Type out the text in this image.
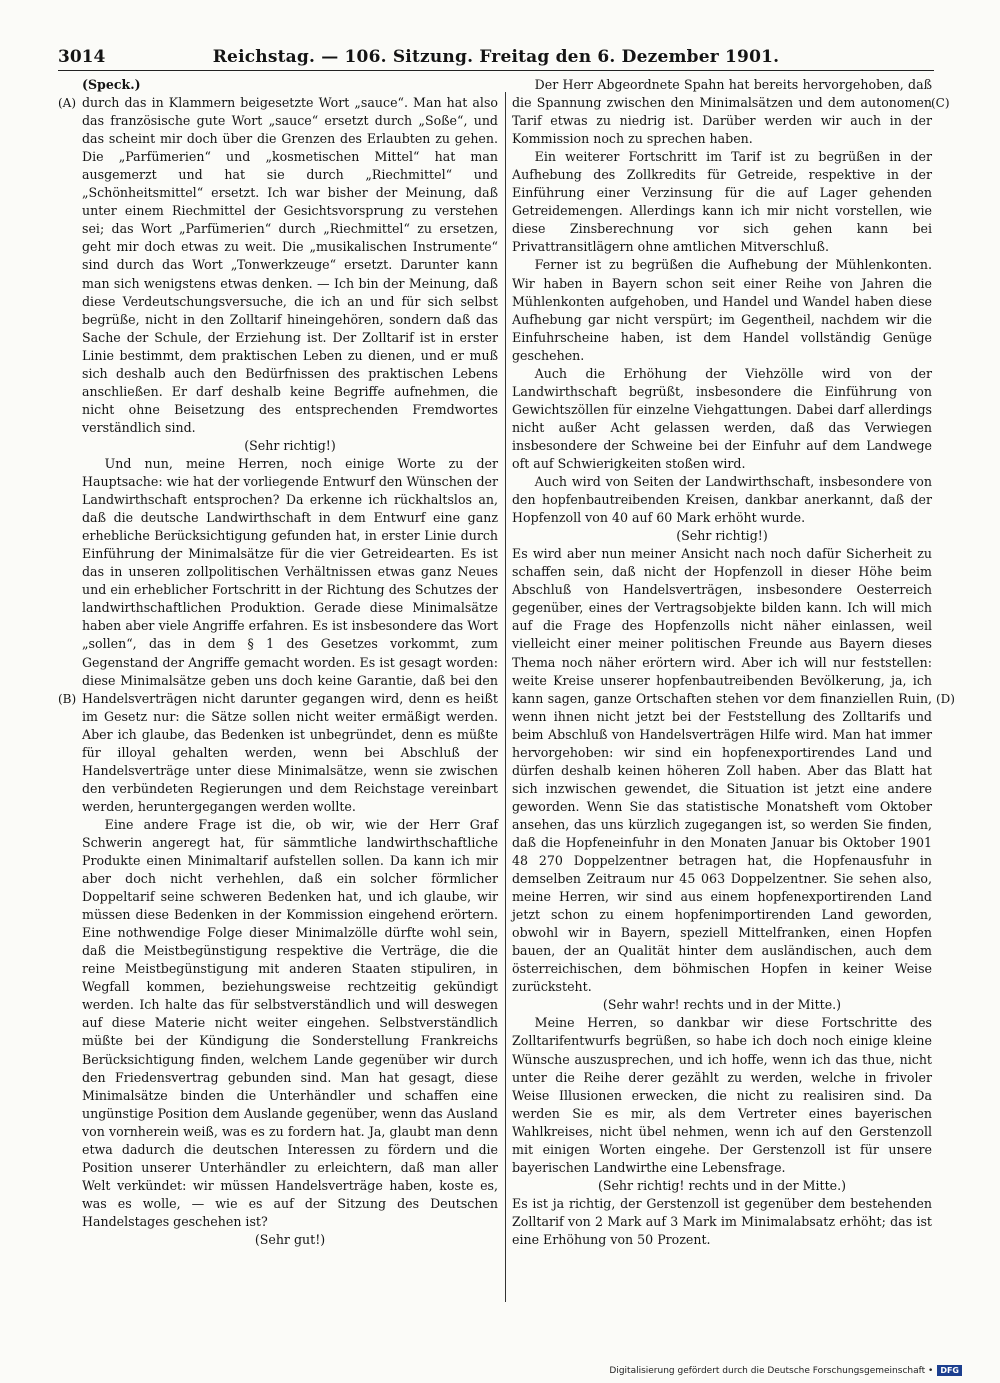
3014	Reichstag. — 106. Sitzung. Freitag den 6. Dezember 1901.
(A)
(B)
(C)
(D)

(Speck.)

durch das in Klammern beigesetzte Wort „sauce“. Man hat also das französische gute Wort „sauce“ ersetzt durch „Soße“, und das scheint mir doch über die Grenzen des Erlaubten zu gehen. Die „Parfümerien“ und „kosmetischen Mittel“ hat man ausgemerzt und hat sie durch „Riechmittel“ und „Schönheitsmittel“ ersetzt. Ich war bisher der Meinung, daß unter einem Riechmittel der Gesichtsvorsprung zu verstehen sei; das Wort „Parfümerien“ durch „Riechmittel“ zu ersetzen, geht mir doch etwas zu weit. Die „musikalischen Instrumente“ sind durch das Wort „Tonwerkzeuge“ ersetzt. Darunter kann man sich wenigstens etwas denken. — Ich bin der Meinung, daß diese Verdeutschungsversuche, die ich an und für sich selbst begrüße, nicht in den Zolltarif hineingehören, sondern daß das Sache der Schule, der Erziehung ist. Der Zolltarif ist in erster Linie bestimmt, dem praktischen Leben zu dienen, und er muß sich deshalb auch den Bedürfnissen des praktischen Lebens anschließen. Er darf deshalb keine Begriffe aufnehmen, die nicht ohne Beisetzung des entsprechenden Fremdwortes verständlich sind.

(Sehr richtig!)

Und nun, meine Herren, noch einige Worte zu der Hauptsache: wie hat der vorliegende Entwurf den Wünschen der Landwirthschaft entsprochen? Da erkenne ich rückhaltslos an, daß die deutsche Landwirthschaft in dem Entwurf eine ganz erhebliche Berücksichtigung gefunden hat, in erster Linie durch Einführung der Minimalsätze für die vier Getreidearten. Es ist das in unseren zollpolitischen Verhältnissen etwas ganz Neues und ein erheblicher Fortschritt in der Richtung des Schutzes der landwirthschaftlichen Produktion. Gerade diese Minimalsätze haben aber viele Angriffe erfahren. Es ist insbesondere das Wort „sollen“, das in dem § 1 des Gesetzes vorkommt, zum Gegenstand der Angriffe gemacht worden. Es ist gesagt worden: diese Minimalsätze geben uns doch keine Garantie, daß bei den Handelsverträgen nicht darunter gegangen wird, denn es heißt im Gesetz nur: die Sätze sollen nicht weiter ermäßigt werden. Aber ich glaube, das Bedenken ist unbegründet, denn es müßte für illoyal gehalten werden, wenn bei Abschluß der Handelsverträge unter diese Minimalsätze, wenn sie zwischen den verbündeten Regierungen und dem Reichstage vereinbart werden, heruntergegangen werden wollte.

Eine andere Frage ist die, ob wir, wie der Herr Graf Schwerin angeregt hat, für sämmtliche landwirthschaftliche Produkte einen Minimaltarif aufstellen sollen. Da kann ich mir aber doch nicht verhehlen, daß ein solcher förmlicher Doppeltarif seine schweren Bedenken hat, und ich glaube, wir müssen diese Bedenken in der Kommission eingehend erörtern. Eine nothwendige Folge dieser Minimalzölle dürfte wohl sein, daß die Meistbegünstigung respektive die Verträge, die die reine Meistbegünstigung mit anderen Staaten stipuliren, in Wegfall kommen, beziehungsweise rechtzeitig gekündigt werden. Ich halte das für selbstverständlich und will deswegen auf diese Materie nicht weiter eingehen. Selbstverständlich müßte bei der Kündigung die Sonderstellung Frankreichs Berücksichtigung finden, welchem Lande gegenüber wir durch den Friedensvertrag gebunden sind. Man hat gesagt, diese Minimalsätze binden die Unterhändler und schaffen eine ungünstige Position dem Auslande gegenüber, wenn das Ausland von vornherein weiß, was es zu fordern hat. Ja, glaubt man denn etwa dadurch die deutschen Interessen zu fördern und die Position unserer Unterhändler zu erleichtern, daß man aller Welt verkündet: wir müssen Handelsverträge haben, koste es, was es wolle, — wie es auf der Sitzung des Deutschen Handelstages geschehen ist?

(Sehr gut!)

Der Herr Abgeordnete Spahn hat bereits hervorgehoben, daß die Spannung zwischen den Minimalsätzen und dem autonomen Tarif etwas zu niedrig ist. Darüber werden wir auch in der Kommission noch zu sprechen haben.

Ein weiterer Fortschritt im Tarif ist zu begrüßen in der Aufhebung des Zollkredits für Getreide, respektive in der Einführung einer Verzinsung für die auf Lager gehenden Getreidemengen. Allerdings kann ich mir nicht vorstellen, wie diese Zinsberechnung vor sich gehen kann bei Privattransitlägern ohne amtlichen Mitverschluß.

Ferner ist zu begrüßen die Aufhebung der Mühlenkonten. Wir haben in Bayern schon seit einer Reihe von Jahren die Mühlenkonten aufgehoben, und Handel und Wandel haben diese Aufhebung gar nicht verspürt; im Gegentheil, nachdem wir die Einfuhrscheine haben, ist dem Handel vollständig Genüge geschehen.

Auch die Erhöhung der Viehzölle wird von der Landwirthschaft begrüßt, insbesondere die Einführung von Gewichtszöllen für einzelne Viehgattungen. Dabei darf allerdings nicht außer Acht gelassen werden, daß das Verwiegen insbesondere der Schweine bei der Einfuhr auf dem Landwege oft auf Schwierigkeiten stoßen wird.

Auch wird von Seiten der Landwirthschaft, insbesondere von den hopfenbautreibenden Kreisen, dankbar anerkannt, daß der Hopfenzoll von 40 auf 60 Mark erhöht wurde.

(Sehr richtig!)

Es wird aber nun meiner Ansicht nach noch dafür Sicherheit zu schaffen sein, daß nicht der Hopfenzoll in dieser Höhe beim Abschluß von Handelsverträgen, insbesondere Oesterreich gegenüber, eines der Vertragsobjekte bilden kann. Ich will mich auf die Frage des Hopfenzolls nicht näher einlassen, weil vielleicht einer meiner politischen Freunde aus Bayern dieses Thema noch näher erörtern wird. Aber ich will nur feststellen: weite Kreise unserer hopfenbautreibenden Bevölkerung, ja, ich kann sagen, ganze Ortschaften stehen vor dem finanziellen Ruin, wenn ihnen nicht jetzt bei der Feststellung des Zolltarifs und beim Abschluß von Handelsverträgen Hilfe wird. Man hat immer hervorgehoben: wir sind ein hopfenexportirendes Land und dürfen deshalb keinen höheren Zoll haben. Aber das Blatt hat sich inzwischen gewendet, die Situation ist jetzt eine andere geworden. Wenn Sie das statistische Monatsheft vom Oktober ansehen, das uns kürzlich zugegangen ist, so werden Sie finden, daß die Hopfeneinfuhr in den Monaten Januar bis Oktober 1901 48 270 Doppelzentner betragen hat, die Hopfenausfuhr in demselben Zeitraum nur 45 063 Doppelzentner. Sie sehen also, meine Herren, wir sind aus einem hopfenexportirenden Land jetzt schon zu einem hopfenimportirenden Land geworden, obwohl wir in Bayern, speziell Mittelfranken, einen Hopfen bauen, der an Qualität hinter dem ausländischen, auch dem österreichischen, dem böhmischen Hopfen in keiner Weise zurücksteht.

(Sehr wahr! rechts und in der Mitte.)

Meine Herren, so dankbar wir diese Fortschritte des Zolltarifentwurfs begrüßen, so habe ich doch noch einige kleine Wünsche auszusprechen, und ich hoffe, wenn ich das thue, nicht unter die Reihe derer gezählt zu werden, welche in frivoler Weise Illusionen erwecken, die nicht zu realisiren sind. Da werden Sie es mir, als dem Vertreter eines bayerischen Wahlkreises, nicht übel nehmen, wenn ich auf den Gerstenzoll mit einigen Worten eingehe. Der Gerstenzoll ist für unsere bayerischen Landwirthe eine Lebensfrage.

(Sehr richtig! rechts und in der Mitte.)

Es ist ja richtig, der Gerstenzoll ist gegenüber dem bestehenden Zolltarif von 2 Mark auf 3 Mark im Minimalabsatz erhöht; das ist eine Erhöhung von 50 Prozent.

Digitalisierung gefördert durch die Deutsche Forschungsgemeinschaft • DFG
